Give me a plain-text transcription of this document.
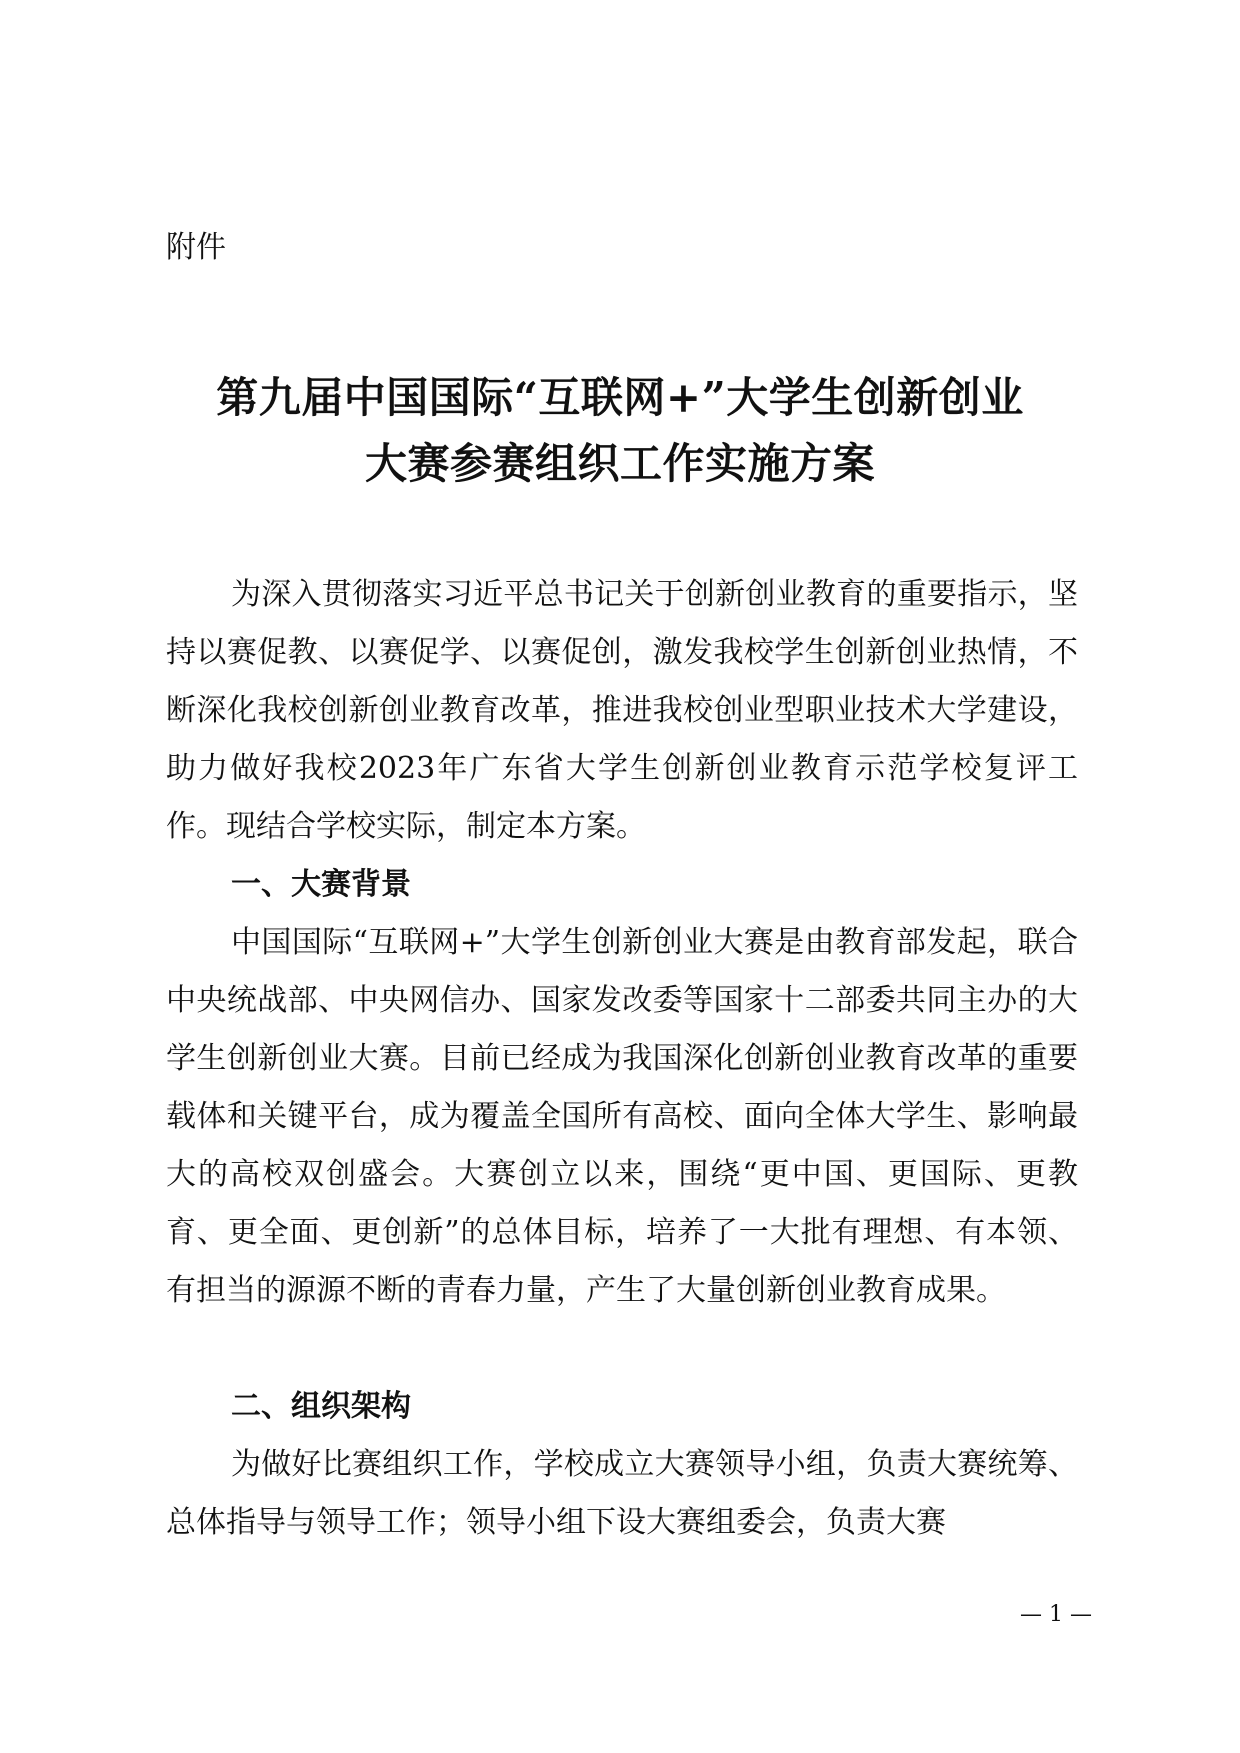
附件

第九届中国国际“互联网+”大学生创新创业
大赛参赛组织工作实施方案

为深入贯彻落实习近平总书记关于创新创业教育的重要指示，坚持以赛促教、以赛促学、以赛促创，激发我校学生创新创业热情，不断深化我校创新创业教育改革，推进我校创业型职业技术大学建设，助力做好我校2023年广东省大学生创新创业教育示范学校复评工作。现结合学校实际，制定本方案。

一、大赛背景

中国国际“互联网+”大学生创新创业大赛是由教育部发起，联合中央统战部、中央网信办、国家发改委等国家十二部委共同主办的大学生创新创业大赛。目前已经成为我国深化创新创业教育改革的重要载体和关键平台，成为覆盖全国所有高校、面向全体大学生、影响最大的高校双创盛会。大赛创立以来，围绕“更中国、更国际、更教育、更全面、更创新”的总体目标，培养了一大批有理想、有本领、有担当的源源不断的青春力量，产生了大量创新创业教育成果。

二、组织架构

为做好比赛组织工作，学校成立大赛领导小组，负责大赛统筹、总体指导与领导工作；领导小组下设大赛组委会，负责大赛

— 1 —
